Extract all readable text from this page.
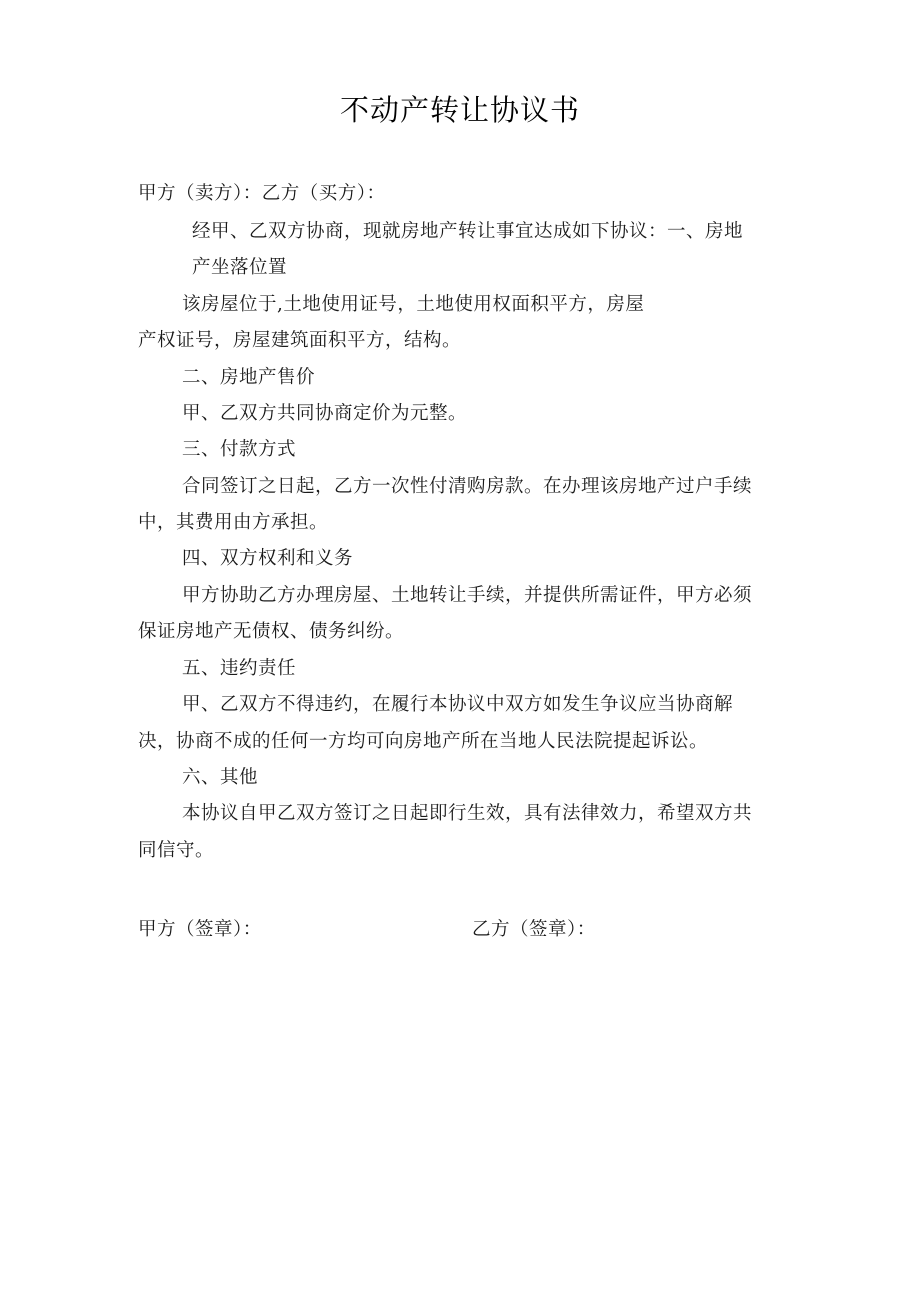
不动产转让协议书
甲方（卖方）：乙方（买方）：
经甲、乙双方协商，现就房地产转让事宜达成如下协议：一、房地
产坐落位置
该房屋位于,土地使用证号，土地使用权面积平方，房屋
产权证号，房屋建筑面积平方，结构。
二、房地产售价
甲、乙双方共同协商定价为元整。
三、付款方式
合同签订之日起，乙方一次性付清购房款。在办理该房地产过户手续
中，其费用由方承担。
四、双方权利和义务
甲方协助乙方办理房屋、土地转让手续，并提供所需证件，甲方必须
保证房地产无债权、债务纠纷。
五、违约责任
甲、乙双方不得违约，在履行本协议中双方如发生争议应当协商解
决，协商不成的任何一方均可向房地产所在当地人民法院提起诉讼。
六、其他
本协议自甲乙双方签订之日起即行生效，具有法律效力，希望双方共
同信守。
甲方（签章）：	乙方（签章）：
